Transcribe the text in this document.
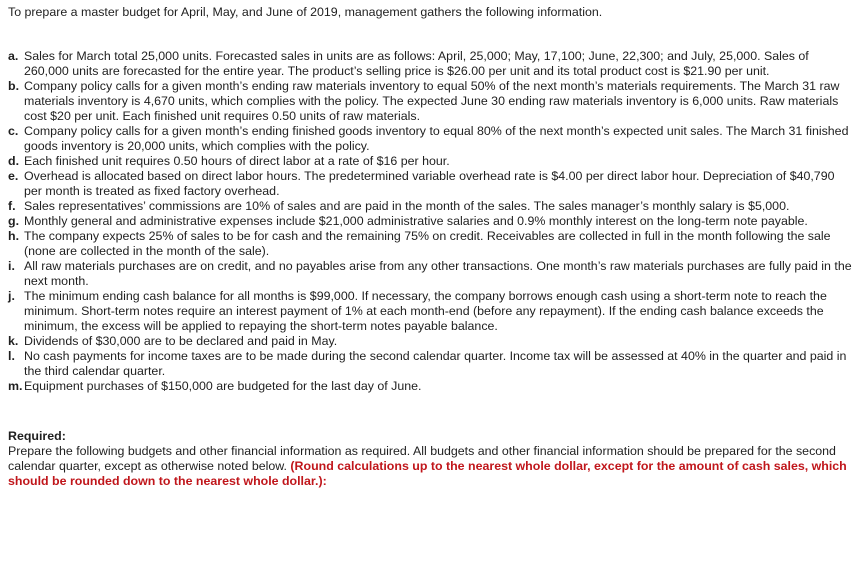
To prepare a master budget for April, May, and June of 2019, management gathers the following information.

a. Sales for March total 25,000 units. Forecasted sales in units are as follows: April, 25,000; May, 17,100; June, 22,300; and July, 25,000. Sales of 260,000 units are forecasted for the entire year. The product’s selling price is $26.00 per unit and its total product cost is $21.90 per unit.
b. Company policy calls for a given month’s ending raw materials inventory to equal 50% of the next month’s materials requirements. The March 31 raw materials inventory is 4,670 units, which complies with the policy. The expected June 30 ending raw materials inventory is 6,000 units. Raw materials cost $20 per unit. Each finished unit requires 0.50 units of raw materials.
c. Company policy calls for a given month’s ending finished goods inventory to equal 80% of the next month’s expected unit sales. The March 31 finished goods inventory is 20,000 units, which complies with the policy.
d. Each finished unit requires 0.50 hours of direct labor at a rate of $16 per hour.
e. Overhead is allocated based on direct labor hours. The predetermined variable overhead rate is $4.00 per direct labor hour. Depreciation of $40,790 per month is treated as fixed factory overhead.
f. Sales representatives’ commissions are 10% of sales and are paid in the month of the sales. The sales manager’s monthly salary is $5,000.
g. Monthly general and administrative expenses include $21,000 administrative salaries and 0.9% monthly interest on the long-term note payable.
h. The company expects 25% of sales to be for cash and the remaining 75% on credit. Receivables are collected in full in the month following the sale (none are collected in the month of the sale).
i. All raw materials purchases are on credit, and no payables arise from any other transactions. One month’s raw materials purchases are fully paid in the next month.
j. The minimum ending cash balance for all months is $99,000. If necessary, the company borrows enough cash using a short-term note to reach the minimum. Short-term notes require an interest payment of 1% at each month-end (before any repayment). If the ending cash balance exceeds the minimum, the excess will be applied to repaying the short-term notes payable balance.
k. Dividends of $30,000 are to be declared and paid in May.
l. No cash payments for income taxes are to be made during the second calendar quarter. Income tax will be assessed at 40% in the quarter and paid in the third calendar quarter.
m. Equipment purchases of $150,000 are budgeted for the last day of June.
Required:
Prepare the following budgets and other financial information as required. All budgets and other financial information should be prepared for the second calendar quarter, except as otherwise noted below. (Round calculations up to the nearest whole dollar, except for the amount of cash sales, which should be rounded down to the nearest whole dollar.):
